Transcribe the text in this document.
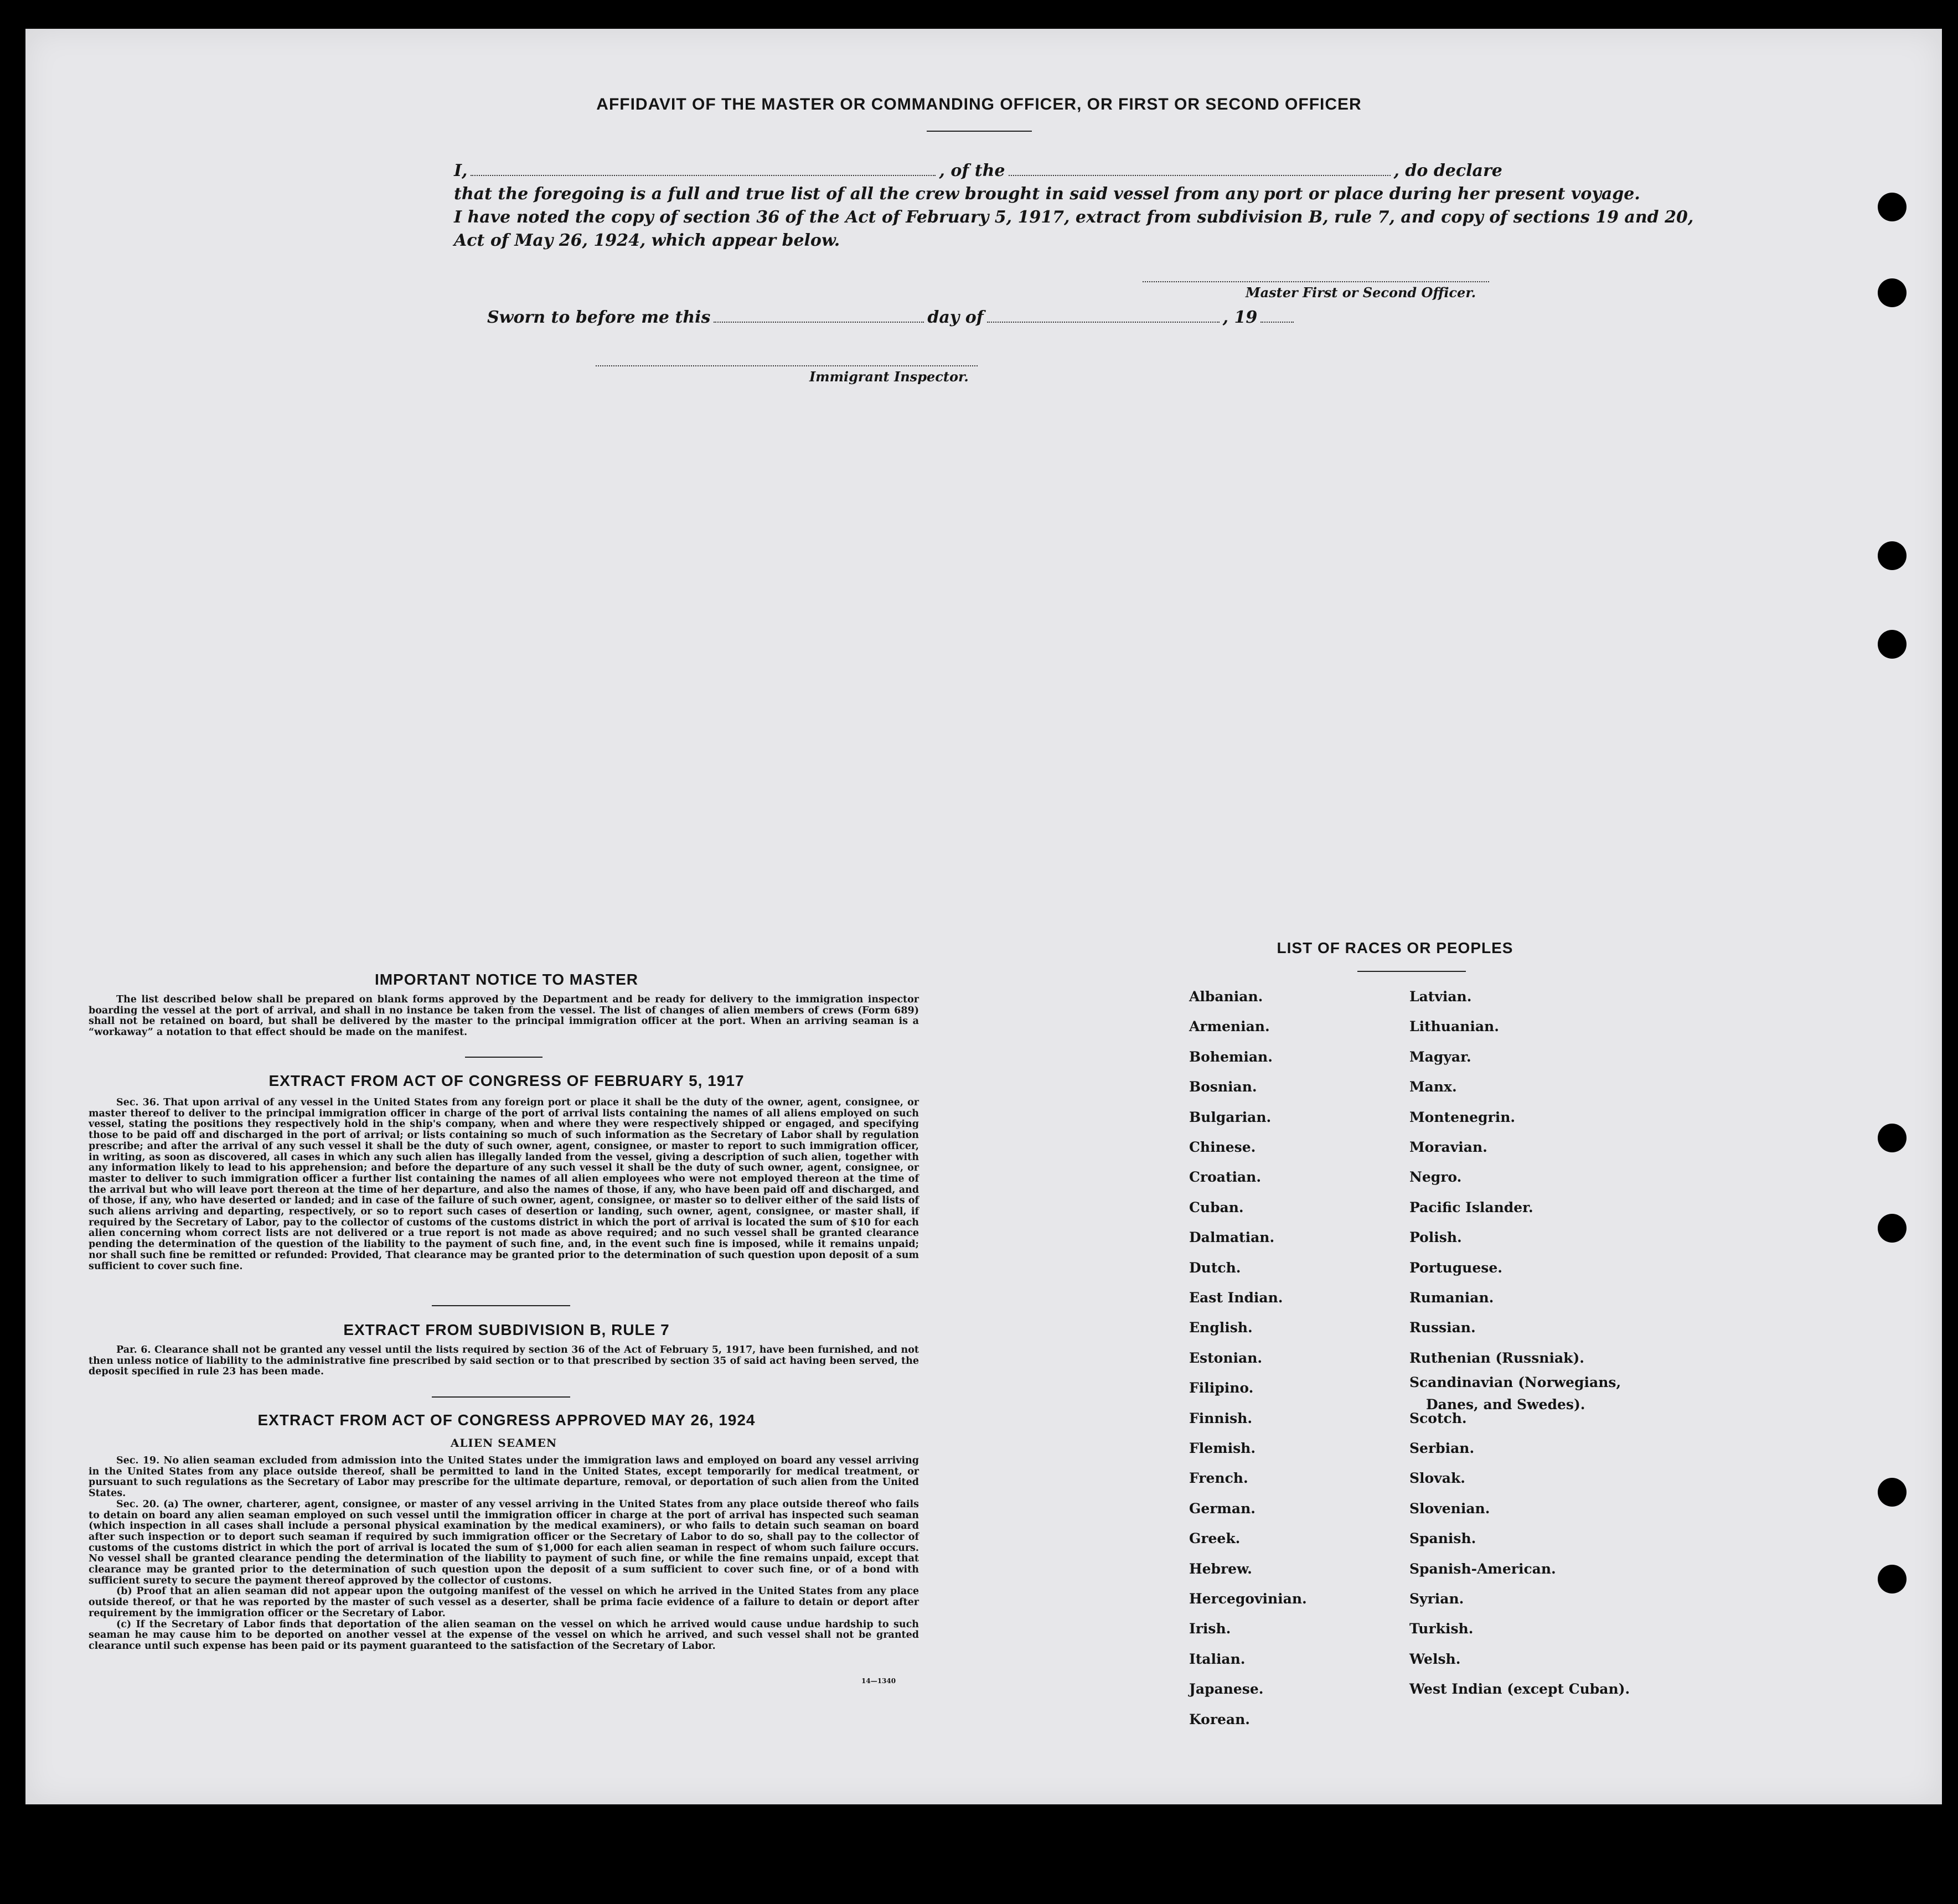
AFFIDAVIT OF THE MASTER OR COMMANDING OFFICER, OR FIRST OR SECOND OFFICER
I,	, of the	, do declare
that the foregoing is a full and true list of all the crew brought in said vessel from any port or place during her present voyage.
I have noted the copy of section 36 of the Act of February 5, 1917, extract from subdivision B, rule 7, and copy of sections 19 and 20,
Act of May 26, 1924, which appear below.
Master First or Second Officer.
Sworn to before me this	day of	, 19
Immigrant Inspector.
IMPORTANT NOTICE TO MASTER

The list described below shall be prepared on blank forms approved by the Department and be ready for delivery to the immigration inspector boarding the vessel at the port of arrival, and shall in no instance be taken from the vessel. The list of changes of alien members of crews (Form 689) shall not be retained on board, but shall be delivered by the master to the principal immigration officer at the port. When an arriving seaman is a “workaway” a notation to that effect should be made on the manifest.

EXTRACT FROM ACT OF CONGRESS OF FEBRUARY 5, 1917

Sec. 36. That upon arrival of any vessel in the United States from any foreign port or place it shall be the duty of the owner, agent, consignee, or master thereof to deliver to the principal immigration officer in charge of the port of arrival lists containing the names of all aliens employed on such vessel, stating the positions they respectively hold in the ship's company, when and where they were respectively shipped or engaged, and specifying those to be paid off and discharged in the port of arrival; or lists containing so much of such information as the Secretary of Labor shall by regulation prescribe; and after the arrival of any such vessel it shall be the duty of such owner, agent, consignee, or master to report to such immigration officer, in writing, as soon as discovered, all cases in which any such alien has illegally landed from the vessel, giving a description of such alien, together with any information likely to lead to his apprehension; and before the departure of any such vessel it shall be the duty of such owner, agent, consignee, or master to deliver to such immigration officer a further list containing the names of all alien employees who were not employed thereon at the time of the arrival but who will leave port thereon at the time of her departure, and also the names of those, if any, who have been paid off and discharged, and of those, if any, who have deserted or landed; and in case of the failure of such owner, agent, consignee, or master so to deliver either of the said lists of such aliens arriving and departing, respectively, or so to report such cases of desertion or landing, such owner, agent, consignee, or master shall, if required by the Secretary of Labor, pay to the collector of customs of the customs district in which the port of arrival is located the sum of $10 for each alien concerning whom correct lists are not delivered or a true report is not made as above required; and no such vessel shall be granted clearance pending the determination of the question of the liability to the payment of such fine, and, in the event such fine is imposed, while it remains unpaid; nor shall such fine be remitted or refunded: Provided, That clearance may be granted prior to the determination of such question upon deposit of a sum sufficient to cover such fine.

EXTRACT FROM SUBDIVISION B, RULE 7

Par. 6. Clearance shall not be granted any vessel until the lists required by section 36 of the Act of February 5, 1917, have been furnished, and not then unless notice of liability to the administrative fine prescribed by said section or to that prescribed by section 35 of said act having been served, the deposit specified in rule 23 has been made.

EXTRACT FROM ACT OF CONGRESS APPROVED MAY 26, 1924
ALIEN SEAMEN

Sec. 19. No alien seaman excluded from admission into the United States under the immigration laws and employed on board any vessel arriving in the United States from any place outside thereof, shall be permitted to land in the United States, except temporarily for medical treatment, or pursuant to such regulations as the Secretary of Labor may prescribe for the ultimate departure, removal, or deportation of such alien from the United States.

Sec. 20. (a) The owner, charterer, agent, consignee, or master of any vessel arriving in the United States from any place outside thereof who fails to detain on board any alien seaman employed on such vessel until the immigration officer in charge at the port of arrival has inspected such seaman (which inspection in all cases shall include a personal physical examination by the medical examiners), or who fails to detain such seaman on board after such inspection or to deport such seaman if required by such immigration officer or the Secretary of Labor to do so, shall pay to the collector of customs of the customs district in which the port of arrival is located the sum of $1,000 for each alien seaman in respect of whom such failure occurs. No vessel shall be granted clearance pending the determination of the liability to payment of such fine, or while the fine remains unpaid, except that clearance may be granted prior to the determination of such question upon the deposit of a sum sufficient to cover such fine, or of a bond with sufficient surety to secure the payment thereof approved by the collector of customs.

(b) Proof that an alien seaman did not appear upon the outgoing manifest of the vessel on which he arrived in the United States from any place outside thereof, or that he was reported by the master of such vessel as a deserter, shall be prima facie evidence of a failure to detain or deport after requirement by the immigration officer or the Secretary of Labor.

(c) If the Secretary of Labor finds that deportation of the alien seaman on the vessel on which he arrived would cause undue hardship to such seaman he may cause him to be deported on another vessel at the expense of the vessel on which he arrived, and such vessel shall not be granted clearance until such expense has been paid or its payment guaranteed to the satisfaction of the Secretary of Labor.

14—1340
LIST OF RACES OR PEOPLES
Albanian.
Armenian.
Bohemian.
Bosnian.
Bulgarian.
Chinese.
Croatian.
Cuban.
Dalmatian.
Dutch.
East Indian.
English.
Estonian.
Filipino.
Finnish.
Flemish.
French.
German.
Greek.
Hebrew.
Hercegovinian.
Irish.
Italian.
Japanese.
Korean.
Latvian.
Lithuanian.
Magyar.
Manx.
Montenegrin.
Moravian.
Negro.
Pacific Islander.
Polish.
Portuguese.
Rumanian.
Russian.
Ruthenian (Russniak).
Scandinavian (Norwegians,
Danes, and Swedes).
Scotch.
Serbian.
Slovak.
Slovenian.
Spanish.
Spanish-American.
Syrian.
Turkish.
Welsh.
West Indian (except Cuban).
